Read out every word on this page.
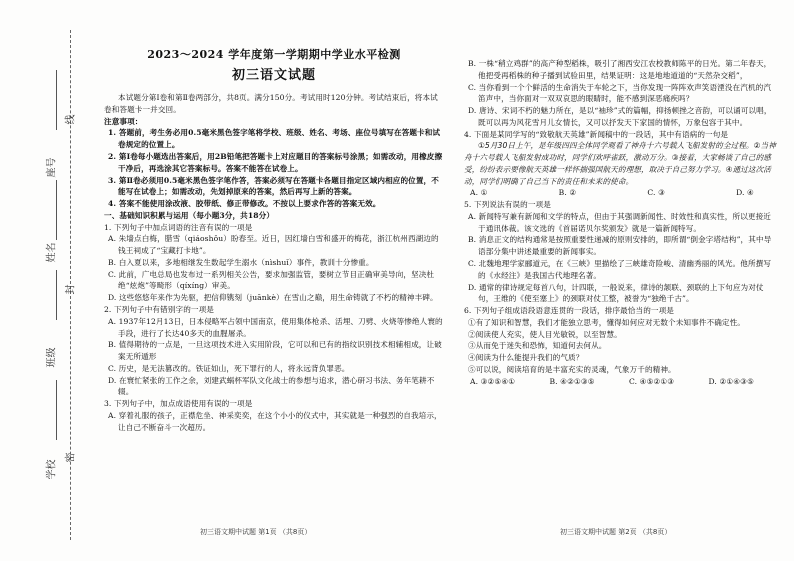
座号
姓名
班级
学校
线
封
密
2023～2024 学年度第一学期期中学业水平检测
初三语文试题

本试题分第Ⅰ卷和第Ⅱ卷两部分，共8页。满分150分。考试用时120分钟。考试结束后，将本试卷和答题卡一并交回。

注意事项：

1. 答题前，考生务必用0.5毫米黑色签字笔将学校、班级、姓名、考场、座位号填写在答题卡和试卷规定的位置上。

2. 第Ⅰ卷每小题选出答案后，用2B铅笔把答题卡上对应题目的答案标号涂黑；如需改动，用橡皮擦干净后，再选涂其它答案标号。答案不能答在试卷上。

3. 第Ⅱ卷必须用0.5毫米黑色签字笔作答，答案必须写在答题卡各题目指定区域内相应的位置，不能写在试卷上；如需改动，先划掉原来的答案，然后再写上新的答案。

4. 答案不能使用涂改液、胶带纸、修正带修改。不按以上要求作答的答案无效。

一、基础知识积累与运用（每小题3分，共18分）

1. 下列句子中加点词语的注音有误的一项是

A. 朱墙点白梅，腊雪（qiáoshǒu）盼春至。近日，因红墙白雪和盛开的梅花，浙江杭州西湖边的钱王祠成了“宝藏打卡地”。

B. 白入夏以来，多地相继发生数起学生溺水（nìshuǐ）事件，教训十分惨重。

C. 此前，广电总局也发布过一系列相关公告，要求加强监管，要树立节目正确审美导向，坚决杜绝“炫炮”等畸形（qíxíng）审美。

D. 这些悠悠年来作为先驱，把信仰镌刻（juānkè）在雪山之巅，用生命铸就了不朽的精神丰碑。

2. 下列句子中有错别字的一项是

A. 1937年12月13日，日本侵略军占领中国南京，使用集体枪杀、活埋、刀劈、火烧等惨绝人寰的手段，进行了长达40多天的血腥屠杀。

B. 值得期待的一点是，一旦这项技术进入实用阶段，它可以和已有的指纹识别技术相辅相成，让破案无所遁形

C. 历史，是无法篡改的。铁证如山，死下罪行的人，将永远背负罪恶。

D. 在寰忙紧张的工作之余，刘建武蜗杯军队文化战士的参想与追求，潜心研习书法、务年笔耕不辍。

3. 下列句子中，加点成语使用有误的一项是

A. 穿着礼服的孩子，正襟危坐、神采奕奕，在这个小小的仪式中，其实就是一种强烈的自我培示，让自己不断奋斗一次超历。

初三语文期中试题 第1页 （共8页）

B. 一株“稍立鸡群”的高产种型稻株，吸引了湘西安江农校教师陈平的日光。第二年春天，他把受再稻株的种子播到试验田里，结果证明：这是地地道道的“天然杂交稻”，

C. 当你看到一个个鲜活的生命消失于车轮之下，当你发现一阵阵欢声笑语湮没在汽机的汽笛声中，当你面对一双双哀思的眼睛时，能不感到深恶痛疾吗？

D. 唐诗、宋词不朽的魅力所在，是以“袖珍”式的篇幅，抑扬顿挫之音韵，可以诵可以唱，既可以再为风花雪月儿女情长，又可以抒发天下家国的情怀，万象包容于其中。

4. 下面是某同学写的“致敬航天英雄”新闻稿中的一段话，其中有语病的一句是

①5月30日上午，是年级四四全体同学观看了神舟十六号载人飞船发射的全过程。②当神舟十六号载人飞船发射成功时，同学们欢呼雀跃，激动万分。③接着，大家畅谈了自己的感受，纷纷表示要像航天英雄一样怀揣强国航天的理想，取决于自己努力学习。④通过这次活动，同学们明确了自己当下的责任和未来的使命。

A. ①	B. ②	C. ③	D. ④

5. 下列说法有误的一项是

A. 新闻特写兼有新闻和文学的特点，但由于其强调新闻性、时效性和真实性，所以更接近于通讯体裁。该文选的《首届诺贝尔奖颁发》就是一篇新闻特写。

B. 消息正文的结构通常是按照重要性递减的原则安排的，即所谓“倒金字塔结构”，其中导语部分集中讲述最重要的新闻事实。

C. 北魏地理学家郦道元，在《三峡》里描绘了三峡雄奇险峻、清幽秀丽的风光。他所撰写的《水经注》是我国古代地理名著。

D. 通常的律诗规定每首八句，计四联，一般说来，律诗的颔联、颈联的上下句应为对仗句，王维的《使至塞上》的颈联对仗工整，被誉为“独绝千古”。

6. 下列句子组成语段语意连贯的一段话，排序最恰当的一项是

①有了知识和智慧，我们才能独立思考，懂得如何应对无数个未知事件不确定性。

②阅读使人充实，使人目光敏锐，以至智慧。

③从而免于迷失和恐怖，知道何去何从。

④阅读为什么能提升我们的气质？

⑤可以说，阅读培育的是丰富充实的灵魂，气象万千的精神。

A. ③②⑤④①	B. ④②①③⑤	C. ④⑤②①③	D. ②①④③⑤
初三语文期中试题 第2页 （共8页）
